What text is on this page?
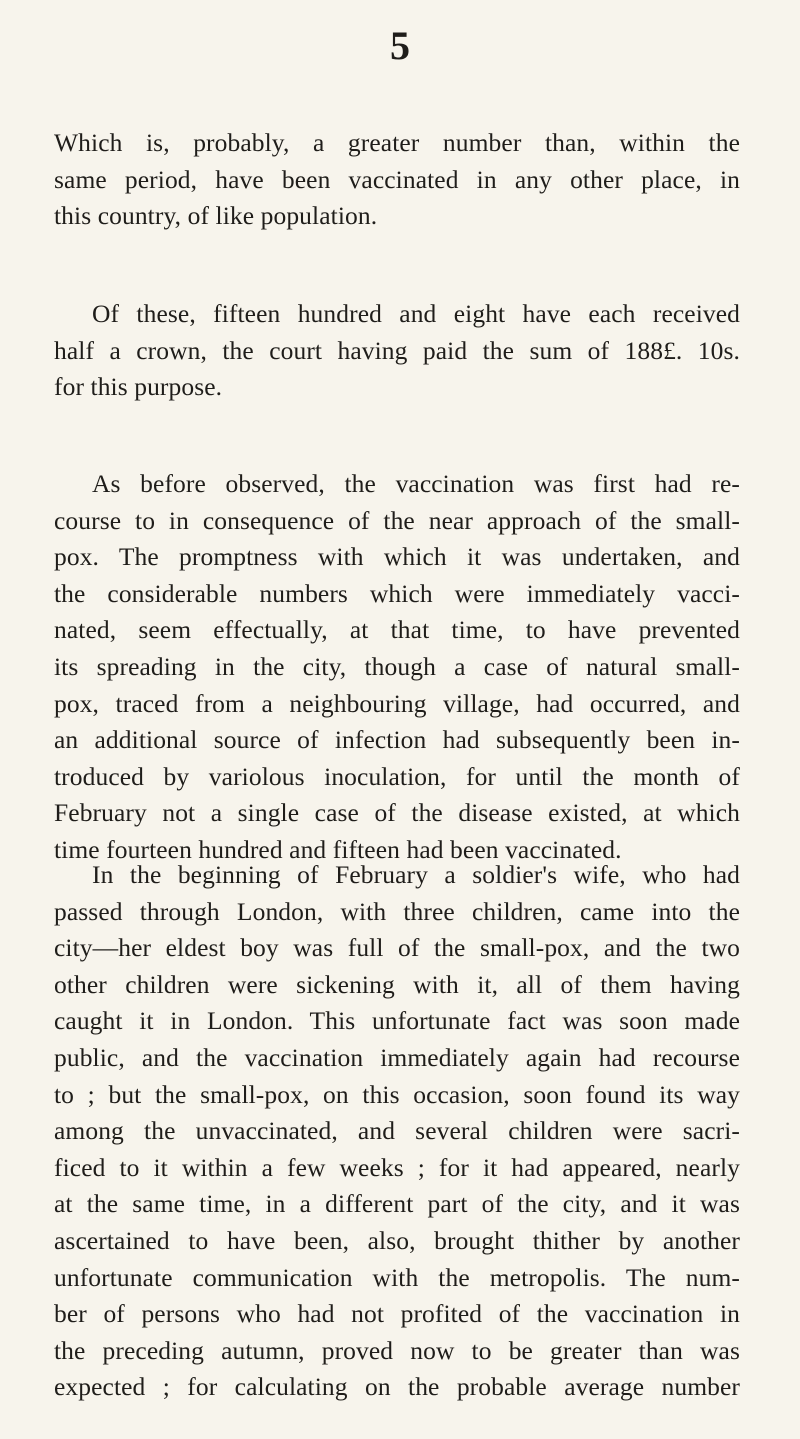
5
Which is, probably, a greater number than, within the
same period, have been vaccinated in any other place, in
this country, of like population.
Of these, fifteen hundred and eight have each received
half a crown, the court having paid the sum of 188£. 10s.
for this purpose.
As before observed, the vaccination was first had re-
course to in consequence of the near approach of the small-
pox. The promptness with which it was undertaken, and
the considerable numbers which were immediately vacci-
nated, seem effectually, at that time, to have prevented
its spreading in the city, though a case of natural small-
pox, traced from a neighbouring village, had occurred, and
an additional source of infection had subsequently been in-
troduced by variolous inoculation, for until the month of
February not a single case of the disease existed, at which
time fourteen hundred and fifteen had been vaccinated.
In the beginning of February a soldier's wife, who had
passed through London, with three children, came into the
city—her eldest boy was full of the small-pox, and the two
other children were sickening with it, all of them having
caught it in London. This unfortunate fact was soon made
public, and the vaccination immediately again had recourse
to ; but the small-pox, on this occasion, soon found its way
among the unvaccinated, and several children were sacri-
ficed to it within a few weeks ; for it had appeared, nearly
at the same time, in a different part of the city, and it was
ascertained to have been, also, brought thither by another
unfortunate communication with the metropolis. The num-
ber of persons who had not profited of the vaccination in
the preceding autumn, proved now to be greater than was
expected ; for calculating on the probable average number
